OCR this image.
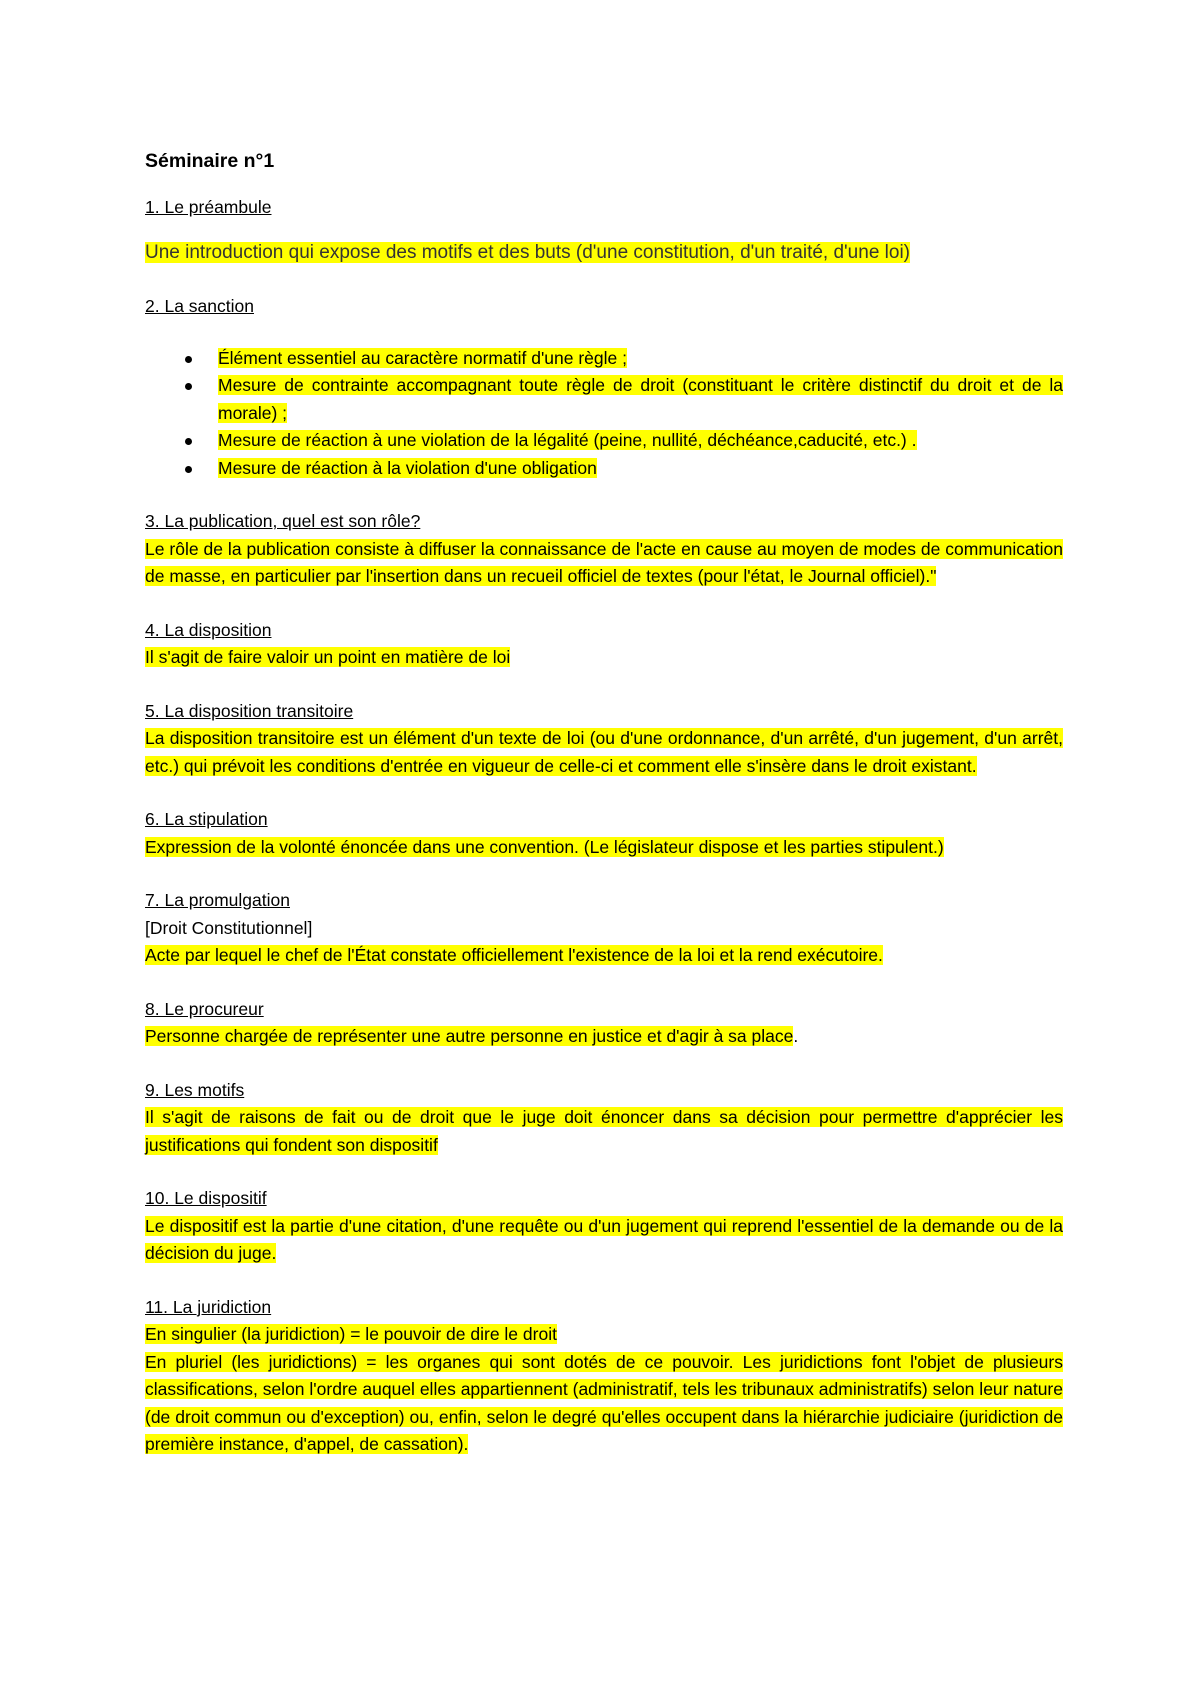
Séminaire n°1

1. Le préambule

Une introduction qui expose des motifs et des buts (d'une constitution, d'un traité, d'une loi)

2. La sanction

Élément essentiel au caractère normatif d'une règle ;
Mesure de contrainte accompagnant toute règle de droit (constituant le critère distinctif du droit et de la morale) ;
Mesure de réaction à une violation de la légalité (peine, nullité, déchéance,caducité, etc.) .
Mesure de réaction à la violation d'une obligation

3. La publication, quel est son rôle?

Le rôle de la publication consiste à diffuser la connaissance de l'acte en cause au moyen de modes de communication de masse, en particulier par l'insertion dans un recueil officiel de textes (pour l'état, le Journal officiel)."

4. La disposition

Il s'agit de faire valoir un point en matière de loi

5. La disposition transitoire

La disposition transitoire est un élément d'un texte de loi (ou d'une ordonnance, d'un arrêté, d'un jugement, d'un arrêt, etc.) qui prévoit les conditions d'entrée en vigueur de celle-ci et comment elle s'insère dans le droit existant.

6. La stipulation

Expression de la volonté énoncée dans une convention. (Le législateur dispose et les parties stipulent.)

7. La promulgation

[Droit Constitutionnel]

Acte par lequel le chef de l'État constate officiellement l'existence de la loi et la rend exécutoire.

8. Le procureur

Personne chargée de représenter une autre personne en justice et d'agir à sa place.

9. Les motifs

Il s'agit de raisons de fait ou de droit que le juge doit énoncer dans sa décision pour permettre d'apprécier les justifications qui fondent son dispositif

10. Le dispositif

Le dispositif est la partie d'une citation, d'une requête ou d'un jugement qui reprend l'essentiel de la demande ou de la décision du juge.

11. La juridiction

En singulier (la juridiction) = le pouvoir de dire le droit

En pluriel (les juridictions) = les organes qui sont dotés de ce pouvoir. Les juridictions font l'objet de plusieurs classifications, selon l'ordre auquel elles appartiennent (administratif, tels les tribunaux administratifs) selon leur nature (de droit commun ou d'exception) ou, enfin, selon le degré qu'elles occupent dans la hiérarchie judiciaire (juridiction de première instance, d'appel, de cassation).
